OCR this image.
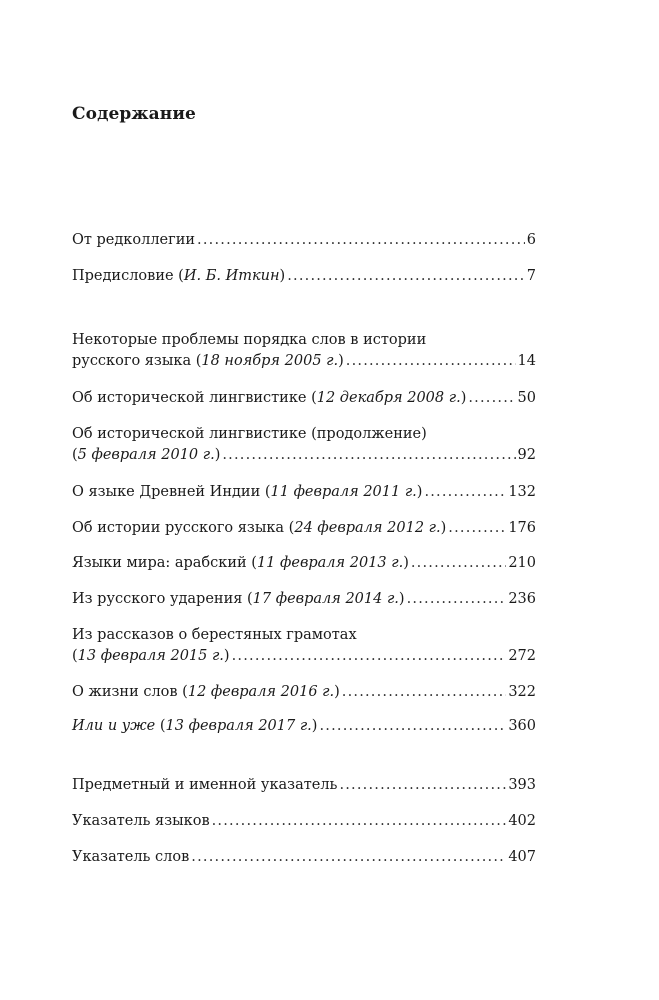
Содержание
От редколлегии .....	6
Предисловие (И. Б. Иткин) .....	7
Некоторые проблемы порядка слов в истории
русского языка (18 ноября 2005 г.) .....	14
Об исторической лингвистике (12 декабря 2008 г.) .....	50
Об исторической лингвистике (продолжение)
(5 февраля 2010 г.) .....	92
О языке Древней Индии (11 февраля 2011 г.) .....	132
Об истории русского языка (24 февраля 2012 г.) .....	176
Языки мира: арабский (11 февраля 2013 г.) .....	210
Из русского ударения (17 февраля 2014 г.) .....	236
Из рассказов о берестяных грамотах
(13 февраля 2015 г.) .....	272
О жизни слов (12 февраля 2016 г.) .....	322
Или и уже (13 февраля 2017 г.) .....	360
Предметный и именной указатель .....	393
Указатель языков .....	402
Указатель слов .....	407
